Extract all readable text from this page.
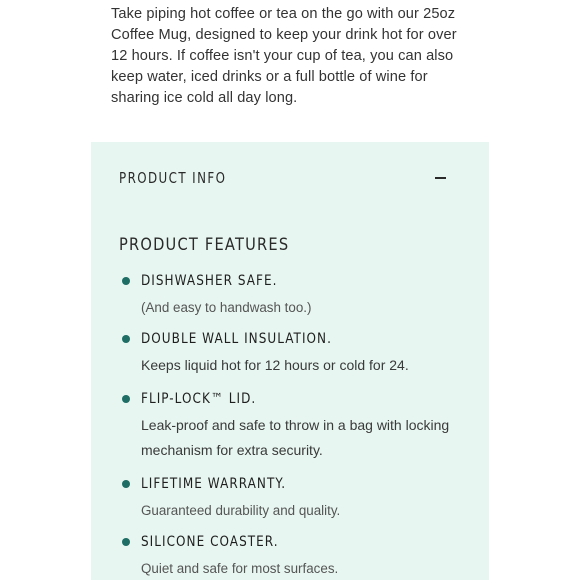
Take piping hot coffee or tea on the go with our 25oz Coffee Mug, designed to keep your drink hot for over 12 hours. If coffee isn't your cup of tea, you can also keep water, iced drinks or a full bottle of wine for sharing ice cold all day long.

PRODUCT INFO
PRODUCT FEATURES
DISHWASHER SAFE.
(And easy to handwash too.)
DOUBLE WALL INSULATION.
Keeps liquid hot for 12 hours or cold for 24.
FLIP-LOCK™ LID.
Leak-proof and safe to throw in a bag with locking mechanism for extra security.
LIFETIME WARRANTY.
Guaranteed durability and quality.
SILICONE COASTER.
Quiet and safe for most surfaces.
